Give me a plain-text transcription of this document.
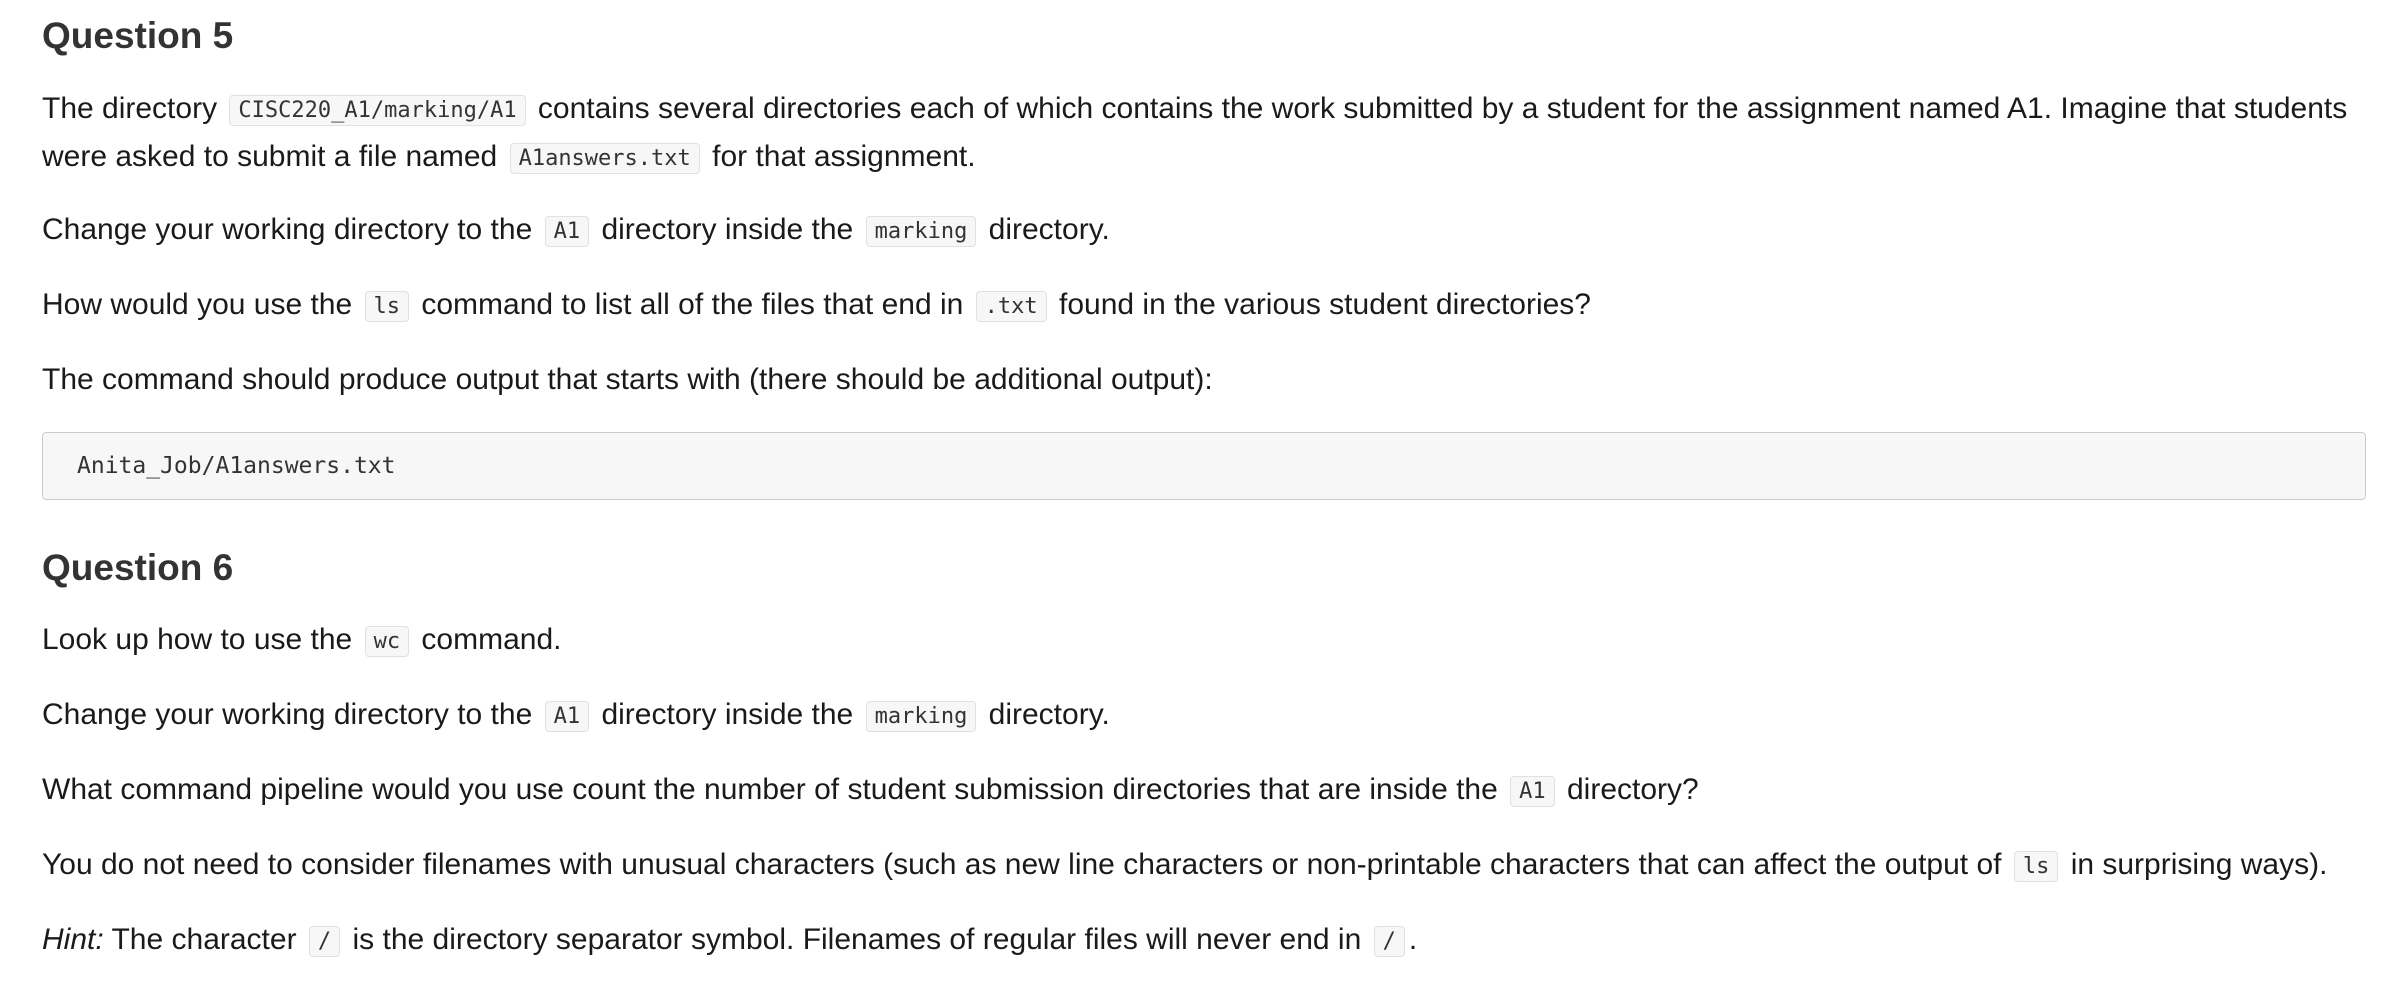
Question 5

The directory CISC220_A1/marking/A1 contains several directories each of which contains the work submitted by a student for the assignment named A1. Imagine that students were asked to submit a file named A1answers.txt for that assignment.

Change your working directory to the A1 directory inside the marking directory.

How would you use the ls command to list all of the files that end in .txt found in the various student directories?

The command should produce output that starts with (there should be additional output):

Anita_Job/A1answers.txt
Question 6

Look up how to use the wc command.

Change your working directory to the A1 directory inside the marking directory.

What command pipeline would you use count the number of student submission directories that are inside the A1 directory?

You do not need to consider filenames with unusual characters (such as new line characters or non-printable characters that can affect the output of ls in surprising ways).

Hint: The character / is the directory separator symbol. Filenames of regular files will never end in / .
